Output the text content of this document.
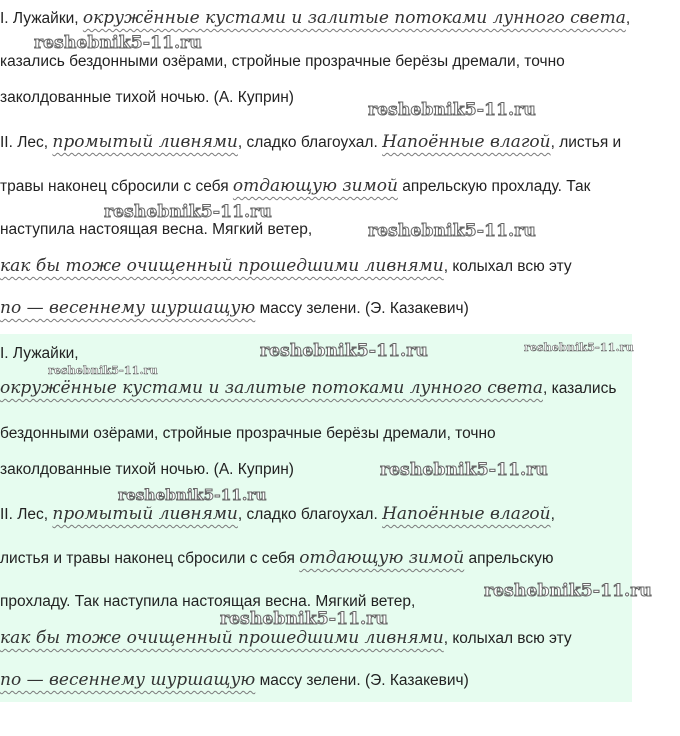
I. Лужайки, окружённые кустами и залитые потоками лунного света,
казались бездонными озёрами, стройные прозрачные берёзы дремали, точно
заколдованные тихой ночью. (А. Куприн)
II. Лес, промытый ливнями, сладко благоухал. Напоённые влагой, листья и
травы наконец сбросили с себя отдающую зимой апрельскую прохладу. Так
наступила настоящая весна. Мягкий ветер,
как бы тоже очищенный прошедшими ливнями, колыхал всю эту
по — весеннему шуршащую массу зелени. (Э. Казакевич)
I. Лужайки,
окружённые кустами и залитые потоками лунного света, казались
бездонными озёрами, стройные прозрачные берёзы дремали, точно
заколдованные тихой ночью. (А. Куприн)
II. Лес, промытый ливнями, сладко благоухал. Напоённые влагой,
листья и травы наконец сбросили с себя отдающую зимой апрельскую
прохладу. Так наступила настоящая весна. Мягкий ветер,
как бы тоже очищенный прошедшими ливнями, колыхал всю эту
по — весеннему шуршащую массу зелени. (Э. Казакевич)
reshebnik5-11.ru
reshebnik5-11.ru
reshebnik5-11.ru
reshebnik5-11.ru
reshebnik5-11.ru	reshebnik5-11.ru
reshebnik5-11.ru
reshebnik5-11.ru
reshebnik5-11.ru
reshebnik5-11.ru
reshebnik5-11.ru
